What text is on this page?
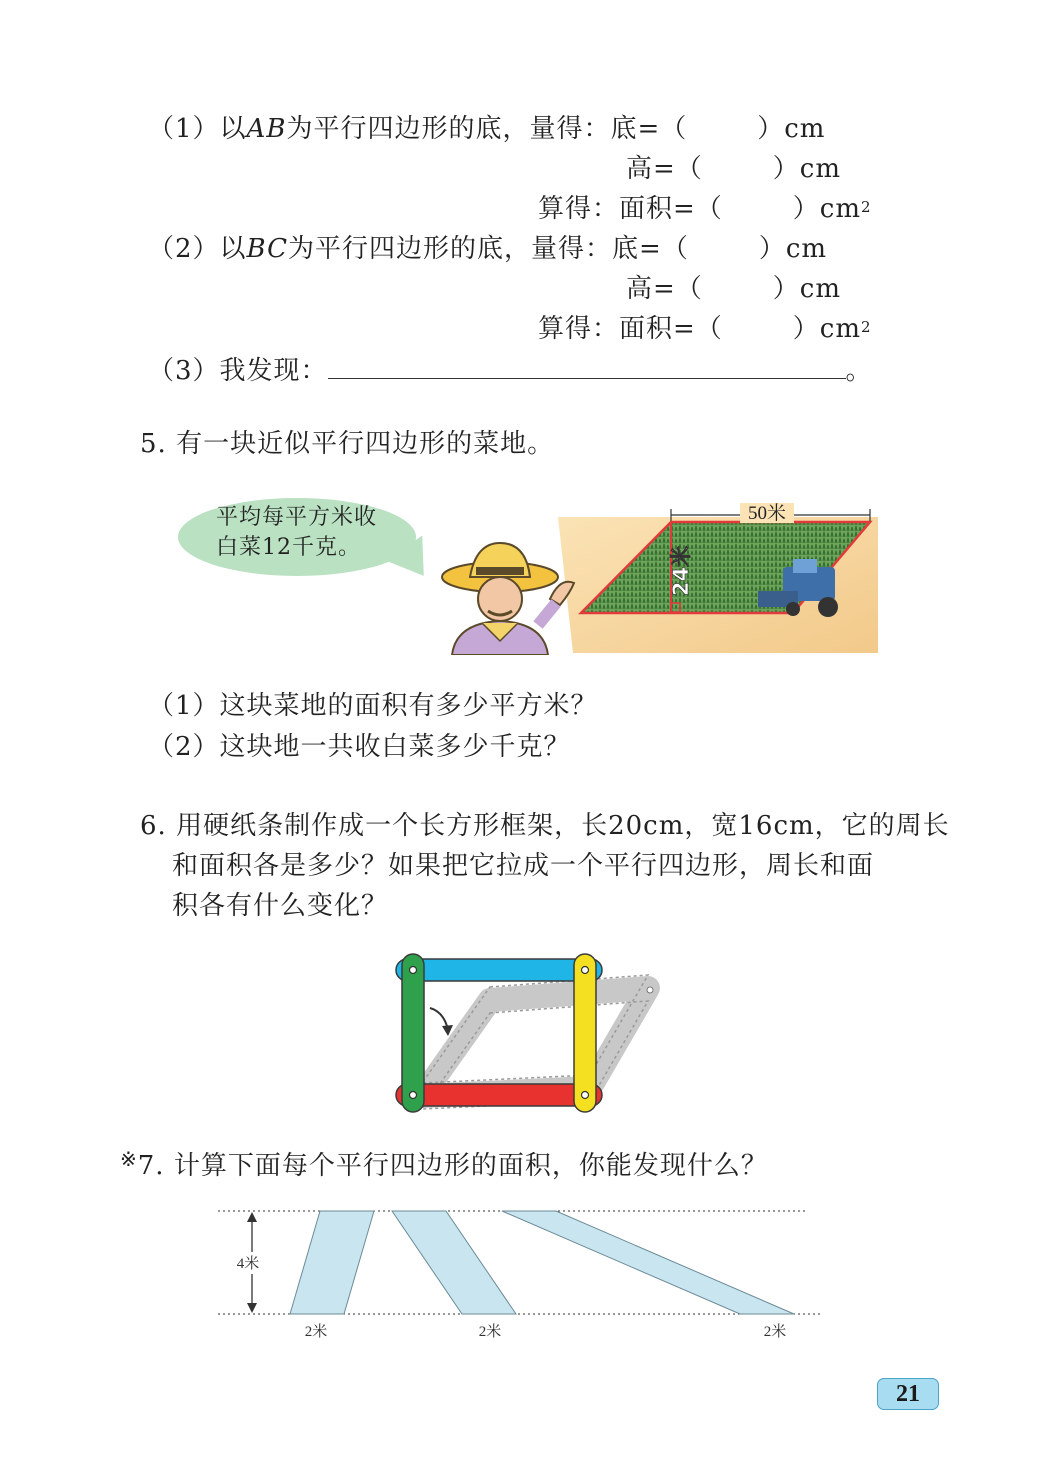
（1）以AB为平行四边形的底，量得：底=（	）cm
高=（	）cm
算得：面积=（	）$cm^2$
（2）以BC为平行四边形的底，量得：底=（	）cm
高=（	）cm
算得：面积=（	）$cm^2$
（3）我发现：	。
5. 有一块近似平行四边形的菜地。
平均每平方米收
白菜12千克。
50米
24米
（1）这块菜地的面积有多少平方米？
（2）这块地一共收白菜多少千克？
6. 用硬纸条制作成一个长方形框架，长20cm，宽16cm，它的周长
和面积各是多少？如果把它拉成一个平行四边形，周长和面
积各有什么变化？
※7. 计算下面每个平行四边形的面积，你能发现什么？
4米
2米	2米	2米
21
